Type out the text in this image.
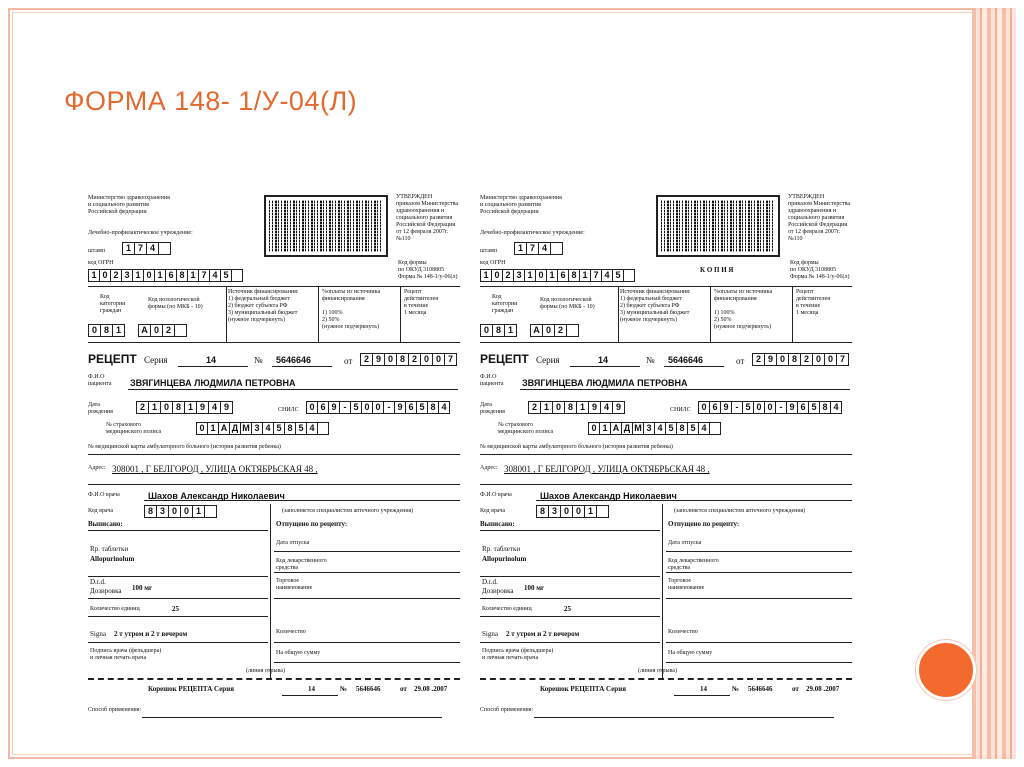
ФОРМА 148- 1/У-04(Л)
Министерство здравоохранения
и социального развития
Российской федерации
Лечебно-профилактическое учреждение:
УТВЕРЖДЕН
приказом Министерства
здравоохранения и
социального развития
Российской Федерации
от 12 февраля 2007г.
№110
штамп	1 7 4
код ОГРН
1 0 2 3 1 0 1 6 8 1 7 4 5
Код формы
по ОКУД 3108805
Форма № 148-1/у-06(л)
Код
категории
граждан
Код нозологической
формы (по МКБ - 10)
0 8 1	А 0 2
Источник финансирования:
1) федеральный бюджет
2) бюджет субъекта РФ
3) муниципальный бюджет
(нужное подчеркнуть)
%оплаты из источника
финансирования
1) 100%
2) 50%
(нужное подчеркнуть)
Рецепт
действителен
в течение
1 месяца
РЕЦЕПТ Серия	14	№ 5646646	от	2 9 0 8 2 0 0 7
Ф.И.О
пациента ЗВЯГИНЦЕВА ЛЮДМИЛА ПЕТРОВНА
Дата
рождения	2 1 0 8 1 9 4 9	СНИЛС	0 6 9 - 5 0 0 - 9 6 5 8 4
№ страхового
медицинского полиса	0 1 А Д М 3 4 5 8 5 4
№ медицинской карты амбулаторного больного (история развития ребенка)
Адрес: 308001 , Г БЕЛГОРОД , УЛИЦА ОКТЯБРЬСКАЯ 48 ,
Ф.И.О врача	Шахов Александр Николаевич
Код врача	8 3 0 0 1	(заполняется специалистом аптечного учреждения)
Выписано:
Rp. таблетки
Allopurinolum
D.t.d.
Дозировка 100 мг
Количество единиц	25
Signa 2 т утром и 2 т вечером
Подпись врача (фельдшера)
и личная печать врача
Отпущено по рецепту:
Дата отпуска
Код лекарственного
средства
Торговое
наименование
Количество
На общую сумму
(линия отрыва)
Корешок РЕЦЕПТА Серия	14	№ 5646646	от 29.08 .2007
Способ применения:
Министерство здравоохранения
и социального развития
Российской федерации
Лечебно-профилактическое учреждение:
УТВЕРЖДЕН
приказом Министерства
здравоохранения и
социального развития
Российской Федерации
от 12 февраля 2007г.
№110
штамп	1 7 4
код ОГРН
1 0 2 3 1 0 1 6 8 1 7 4 5	К О П И Я
Код формы
по ОКУД 3108805
Форма № 148-1/у-06(л)
Код
категории
граждан
Код нозологической
формы (по МКБ - 10)
0 8 1	А 0 2
Источник финансирования:
1) федеральный бюджет
2) бюджет субъекта РФ
3) муниципальный бюджет
(нужное подчеркнуть)
%оплаты из источника
финансирования
1) 100%
2) 50%
(нужное подчеркнуть)
Рецепт
действителен
в течение
1 месяца
РЕЦЕПТ Серия	14	№ 5646646	от	2 9 0 8 2 0 0 7
Ф.И.О
пациента ЗВЯГИНЦЕВА ЛЮДМИЛА ПЕТРОВНА
Дата
рождения	2 1 0 8 1 9 4 9	СНИЛС	0 6 9 - 5 0 0 - 9 6 5 8 4
№ страхового
медицинского полиса	0 1 А Д М 3 4 5 8 5 4
№ медицинской карты амбулаторного больного (история развития ребенка)
Адрес: 308001 , Г БЕЛГОРОД , УЛИЦА ОКТЯБРЬСКАЯ 48 ,
Ф.И.О врача	Шахов Александр Николаевич
Код врача	8 3 0 0 1	(заполняется специалистом аптечного учреждения)
Выписано:
Rp. таблетки
Allopurinolum
D.t.d.
Дозировка 100 мг
Количество единиц	25
Signa 2 т утром и 2 т вечером
Подпись врача (фельдшера)
и личная печать врача
Отпущено по рецепту:
Дата отпуска
Код лекарственного
средства
Торговое
наименование
Количество
На общую сумму
(линия отрыва)
Корешок РЕЦЕПТА Серия	14	№ 5646646	от 29.08 .2007
Способ применения:
